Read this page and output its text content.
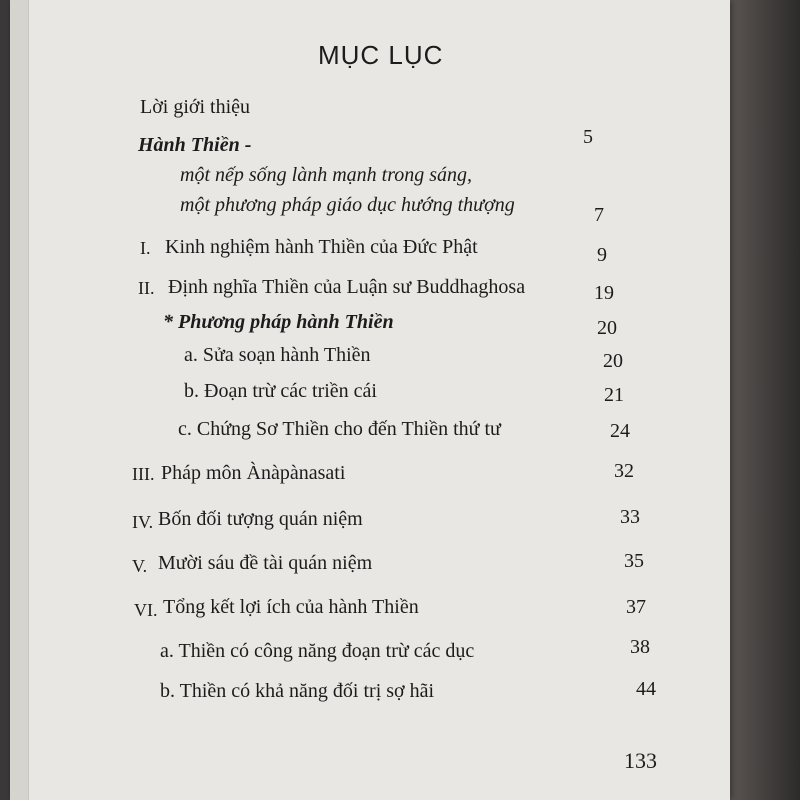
MỤC LỤC
Lời giới thiệu
Hành Thiền -	5
một nếp sống lành mạnh trong sáng,
một phương pháp giáo dục hướng thượng	7
I. Kinh nghiệm hành Thiền của Đức Phật	9
II. Định nghĩa Thiền của Luận sư Buddhaghosa	19
* Phương pháp hành Thiền	20
a. Sửa soạn hành Thiền	20
b. Đoạn trừ các triền cái	21
c. Chứng Sơ Thiền cho đến Thiền thứ tư	24
III. Pháp môn Ànàpànasati	32
IV. Bốn đối tượng quán niệm	33
V. Mười sáu đề tài quán niệm	35
VI. Tổng kết lợi ích của hành Thiền	37
a. Thiền có công năng đoạn trừ các dục	38
b. Thiền có khả năng đối trị sợ hãi	44
133
